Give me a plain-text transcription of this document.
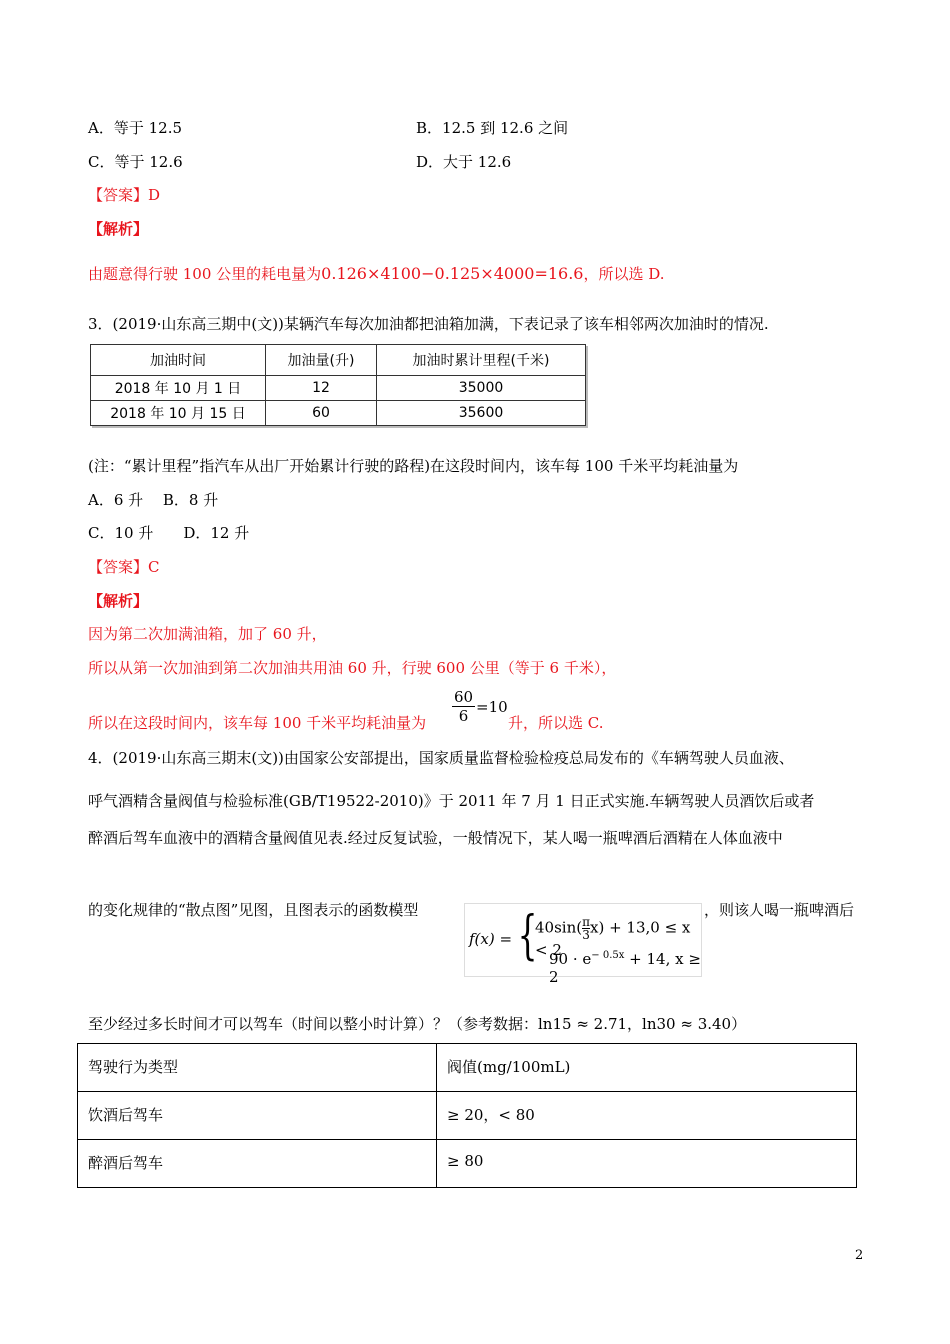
A．等于 12.5	B．12.5 到 12.6 之间
C．等于 12.6	D．大于 12.6
【答案】D
【解析】
由题意得行驶 100 公里的耗电量为0.126×4100−0.125×4000=16.6，所以选 D.
3．(2019·山东高三期中(文))某辆汽车每次加油都把油箱加满，下表记录了该车相邻两次加油时的情况.
加油时间	加油量(升)	加油时累计里程(千米)
2018 年 10 月 1 日	12	35000
2018 年 10 月 15 日	60	35600
(注：“累计里程”指汽车从出厂开始累计行驶的路程)在这段时间内，该车每 100 千米平均耗油量为
A．6 升　 B．8 升
C．10 升　　D．12 升
【答案】C
【解析】
因为第二次加满油箱，加了 60 升，
所以从第一次加油到第二次加油共用油 60 升，行驶 600 公里（等于 6 千米），
所以在这段时间内，该车每 100 千米平均耗油量为 $\frac{60}{6} =10$
升，所以选 C.
4．(2019·山东高三期末(文))由国家公安部提出，国家质量监督检验检疫总局发布的《车辆驾驶人员血液、
呼气酒精含量阀值与检验标准(GB/T19522-2010)》于 2011 年 7 月 1 日正式实施.车辆驾驶人员酒饮后或者
醉酒后驾车血液中的酒精含量阀值见表.经过反复试验，一般情况下，某人喝一瓶啤酒后酒精在人体血液中
的变化规律的“散点图”见图，且图表示的函数模型	，则该人喝一瓶啤酒后
f(x) = {
$40\sin( \frac{\pi}{3} x) + 13,0 \le x < 2$
$90 \cdot e^{- 0.5x} + 14$, x ≥ 2
至少经过多长时间才可以驾车（时间以整小时计算）？（参考数据：ln15 ≈ 2.71，ln30 ≈ 3.40）
驾驶行为类型	阀值(mg/100mL)
饮酒后驾车	≥ 20，< 80
醉酒后驾车	≥ 80
2
